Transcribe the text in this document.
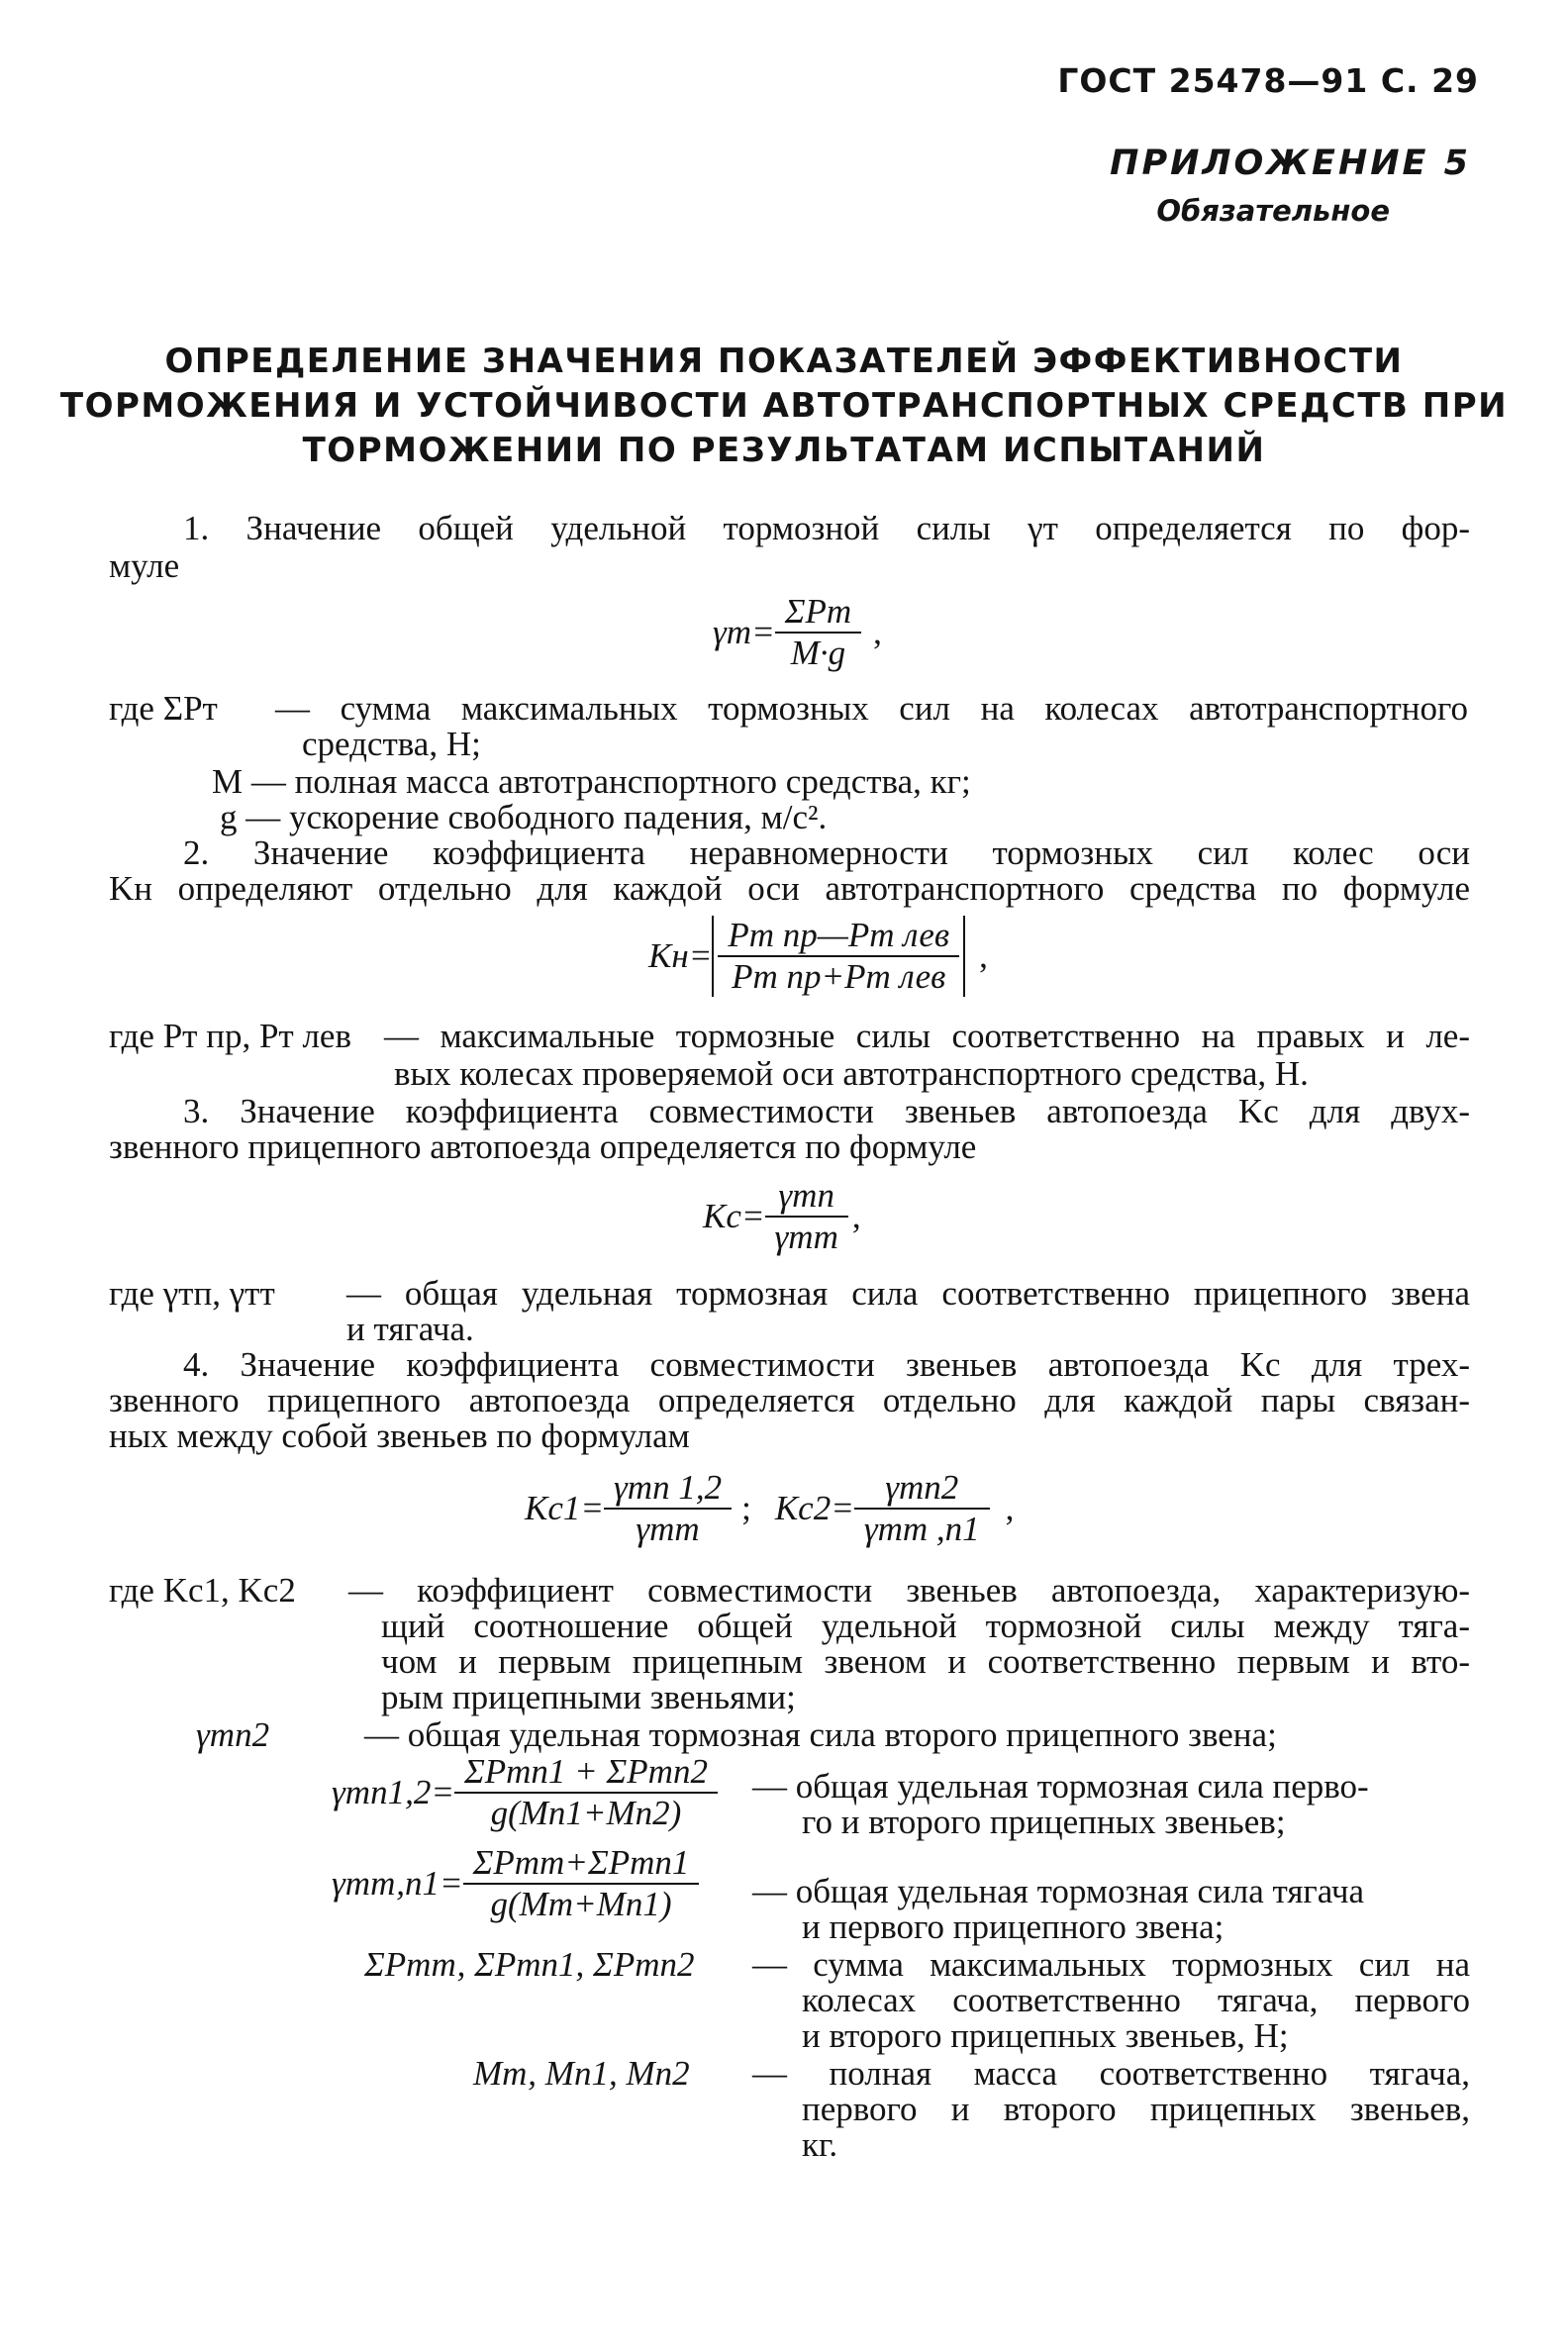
ГОСТ 25478—91 С. 29
ПРИЛОЖЕНИЕ 5
Обязательное
ОПРЕДЕЛЕНИЕ ЗНАЧЕНИЯ ПОКАЗАТЕЛЕЙ ЭФФЕКТИВНОСТИ
ТОРМОЖЕНИЯ И УСТОЙЧИВОСТИ АВТОТРАНСПОРТНЫХ СРЕДСТВ ПРИ
ТОРМОЖЕНИИ ПО РЕЗУЛЬТАТАМ ИСПЫТАНИЙ
1. Значение общей удельной тормозной силы γт определяется по фор-
муле
$\gamma т= \frac{\text{ΣPт}}{M\cdot g}$ ,
где ΣPт — сумма максимальных тормозных сил на колесах автотранспортного
средства, Н;
M — полная масса автотранспортного средства, кг;
g — ускорение свободного падения, м/с².
2. Значение коэффициента неравномерности тормозных сил колес оси
Kн определяют отдельно для каждой оси автотранспортного средства по формуле
$Kн= \frac{\text{Pт пр—Pт лев}}{\text{Pт пр+Pт лев}}$ ,
где Pт пр, Pт лев — максимальные тормозные силы соответственно на правых и ле-
вых колесах проверяемой оси автотранспортного средства, Н.
3. Значение коэффициента совместимости звеньев автопоезда Kс для двух-
звенного прицепного автопоезда определяется по формуле
$Kс= \frac{\text{γтп}}{\text{γтт}}$ ,
где γтп, γтт — общая удельная тормозная сила соответственно прицепного звена
и тягача.
4. Значение коэффициента совместимости звеньев автопоезда Kс для трех-
звенного прицепного автопоезда определяется отдельно для каждой пары связан-
ных между собой звеньев по формулам
$Kс1= \frac{\text{γтп 1,2}}{\text{γтт}}$ ; $Kс2= \frac{\text{γтп2}}{\text{γтт ,п1}}$ ,
где Kс1, Kс2 — коэффициент совместимости звеньев автопоезда, характеризую-
щий соотношение общей удельной тормозной силы между тяга-
чом и первым прицепным звеном и соответственно первым и вто-
рым прицепными звеньями;
γтп2	— общая удельная тормозная сила второго прицепного звена;
$\gamma тп1,2= \frac{\text{ΣPтп1 + ΣPтп2}}{g(Mп1+Mп2)}$ — общая удельная тормозная сила перво-
го и второго прицепных звеньев;
$\gamma тт,п1= \frac{\text{ΣPтт+ΣPтп1}}{g(Mт+Mп1)}$ — общая удельная тормозная сила тягача
и первого прицепного звена;
ΣPтт, ΣPтп1, ΣPтп2 — сумма максимальных тормозных сил на
колесах соответственно тягача, первого
и второго прицепных звеньев, Н;
Mт, Mп1, Mп2 — полная масса соответственно тягача,
первого и второго прицепных звеньев,
кг.
